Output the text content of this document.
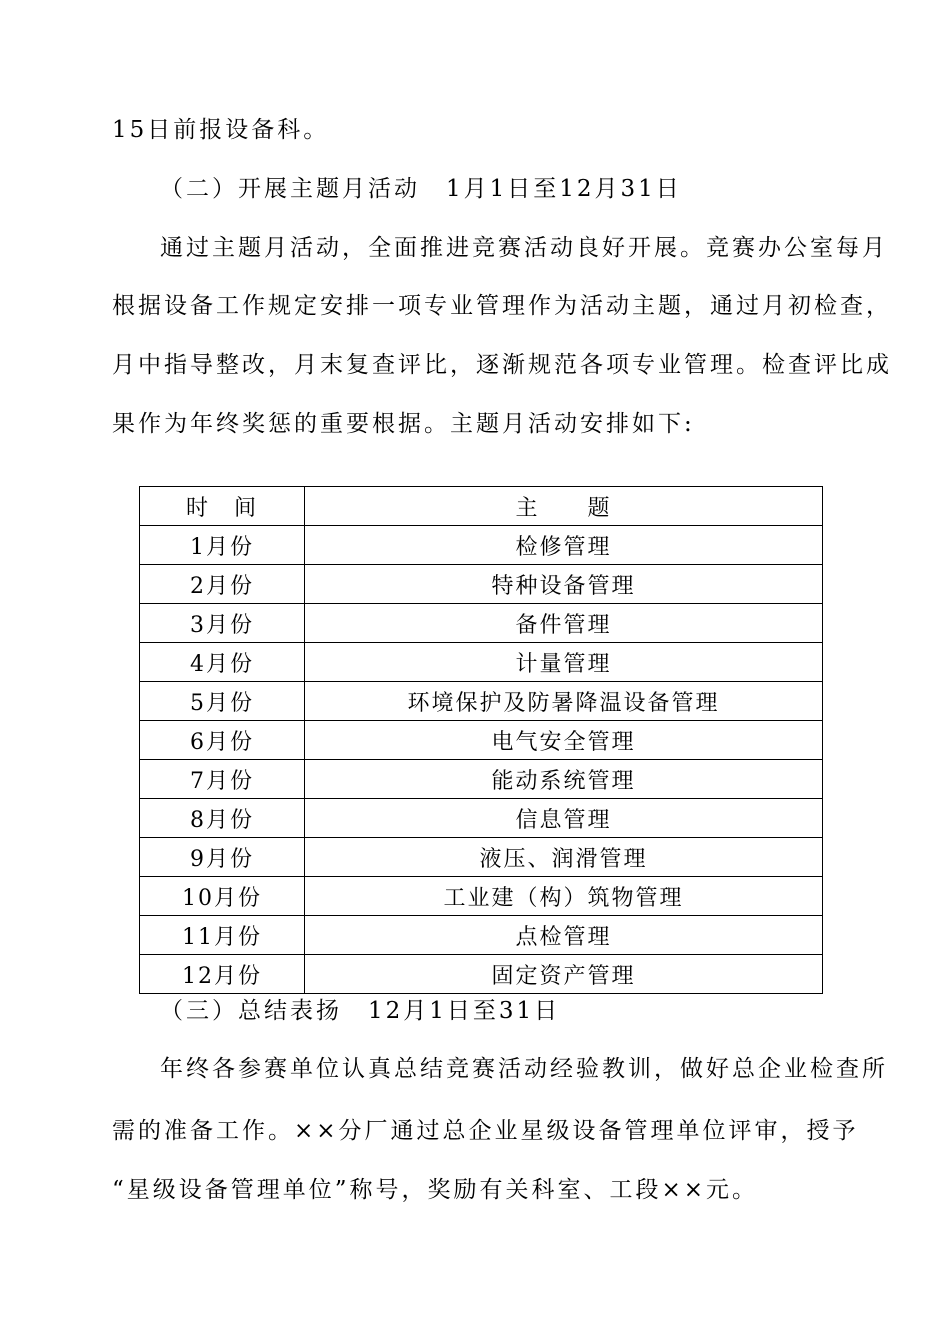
15日前报设备科。
（二）开展主题月活动　1月1日至12月31日
通过主题月活动，全面推进竞赛活动良好开展。竞赛办公室每月
根据设备工作规定安排一项专业管理作为活动主题，通过月初检查，
月中指导整改，月末复查评比，逐渐规范各项专业管理。检查评比成
果作为年终奖惩的重要根据。主题月活动安排如下:
时　间	主　　题
1月份	检修管理
2月份	特种设备管理
3月份	备件管理
4月份	计量管理
5月份	环境保护及防暑降温设备管理
6月份	电气安全管理
7月份	能动系统管理
8月份	信息管理
9月份	液压、润滑管理
10月份	工业建（构）筑物管理
11月份	点检管理
12月份	固定资产管理
（三）总结表扬　12月1日至31日
年终各参赛单位认真总结竞赛活动经验教训，做好总企业检查所
需的准备工作。××分厂通过总企业星级设备管理单位评审，授予
“星级设备管理单位”称号，奖励有关科室、工段××元。
